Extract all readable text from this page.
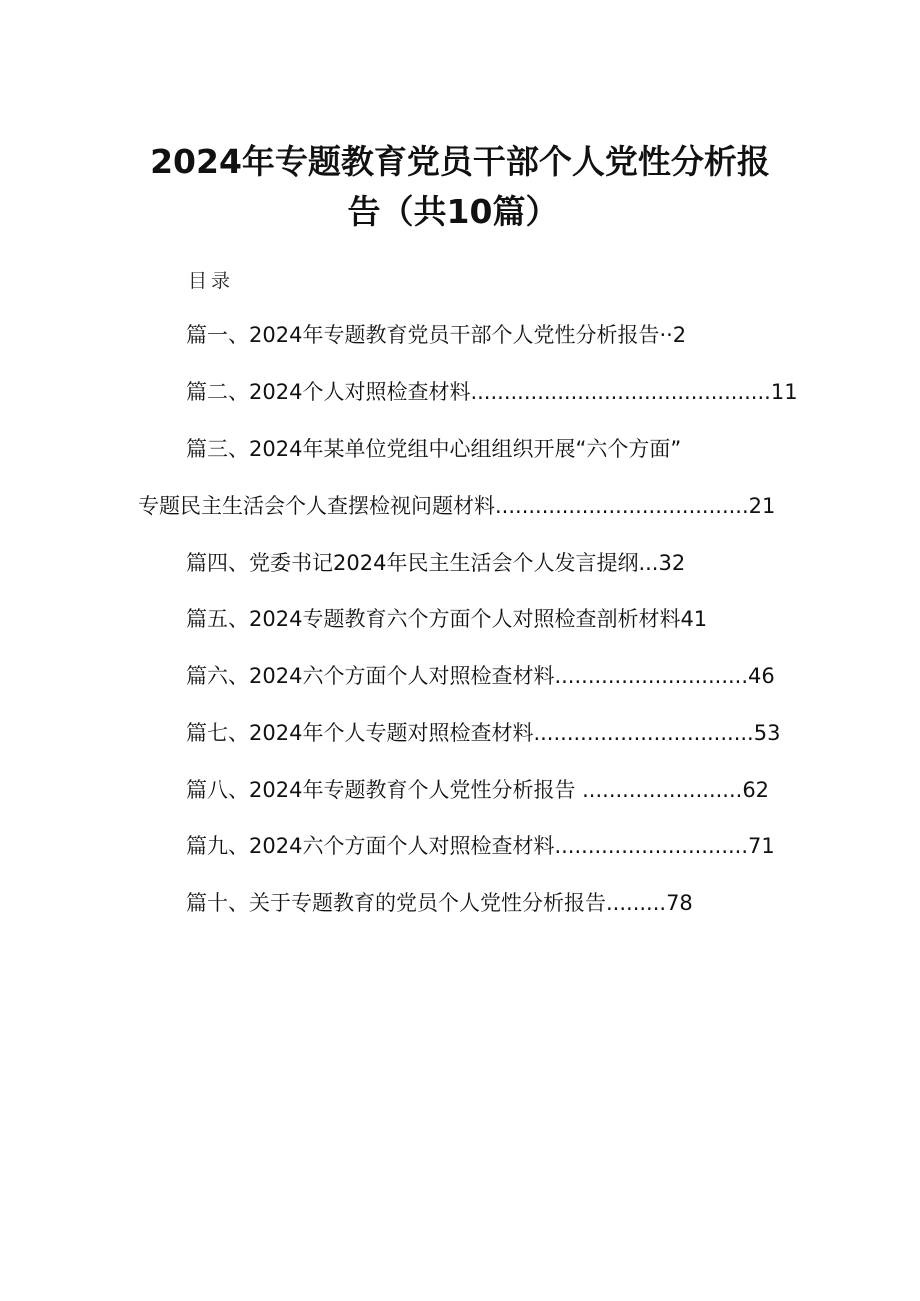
2024年专题教育党员干部个人党性分析报
告（共10篇）
目录
篇一、2024年专题教育党员干部个人党性分析报告··2
篇二、2024个人对照检查材料.............................................11
篇三、2024年某单位党组中心组组织开展“六个方面”
专题民主生活会个人查摆检视问题材料......................................21
篇四、党委书记2024年民主生活会个人发言提纲...32
篇五、2024专题教育六个方面个人对照检查剖析材料41
篇六、2024六个方面个人对照检查材料.............................46
篇七、2024年个人专题对照检查材料.................................53
篇八、2024年专题教育个人党性分析报告 ........................62
篇九、2024六个方面个人对照检查材料.............................71
篇十、关于专题教育的党员个人党性分析报告.........78
